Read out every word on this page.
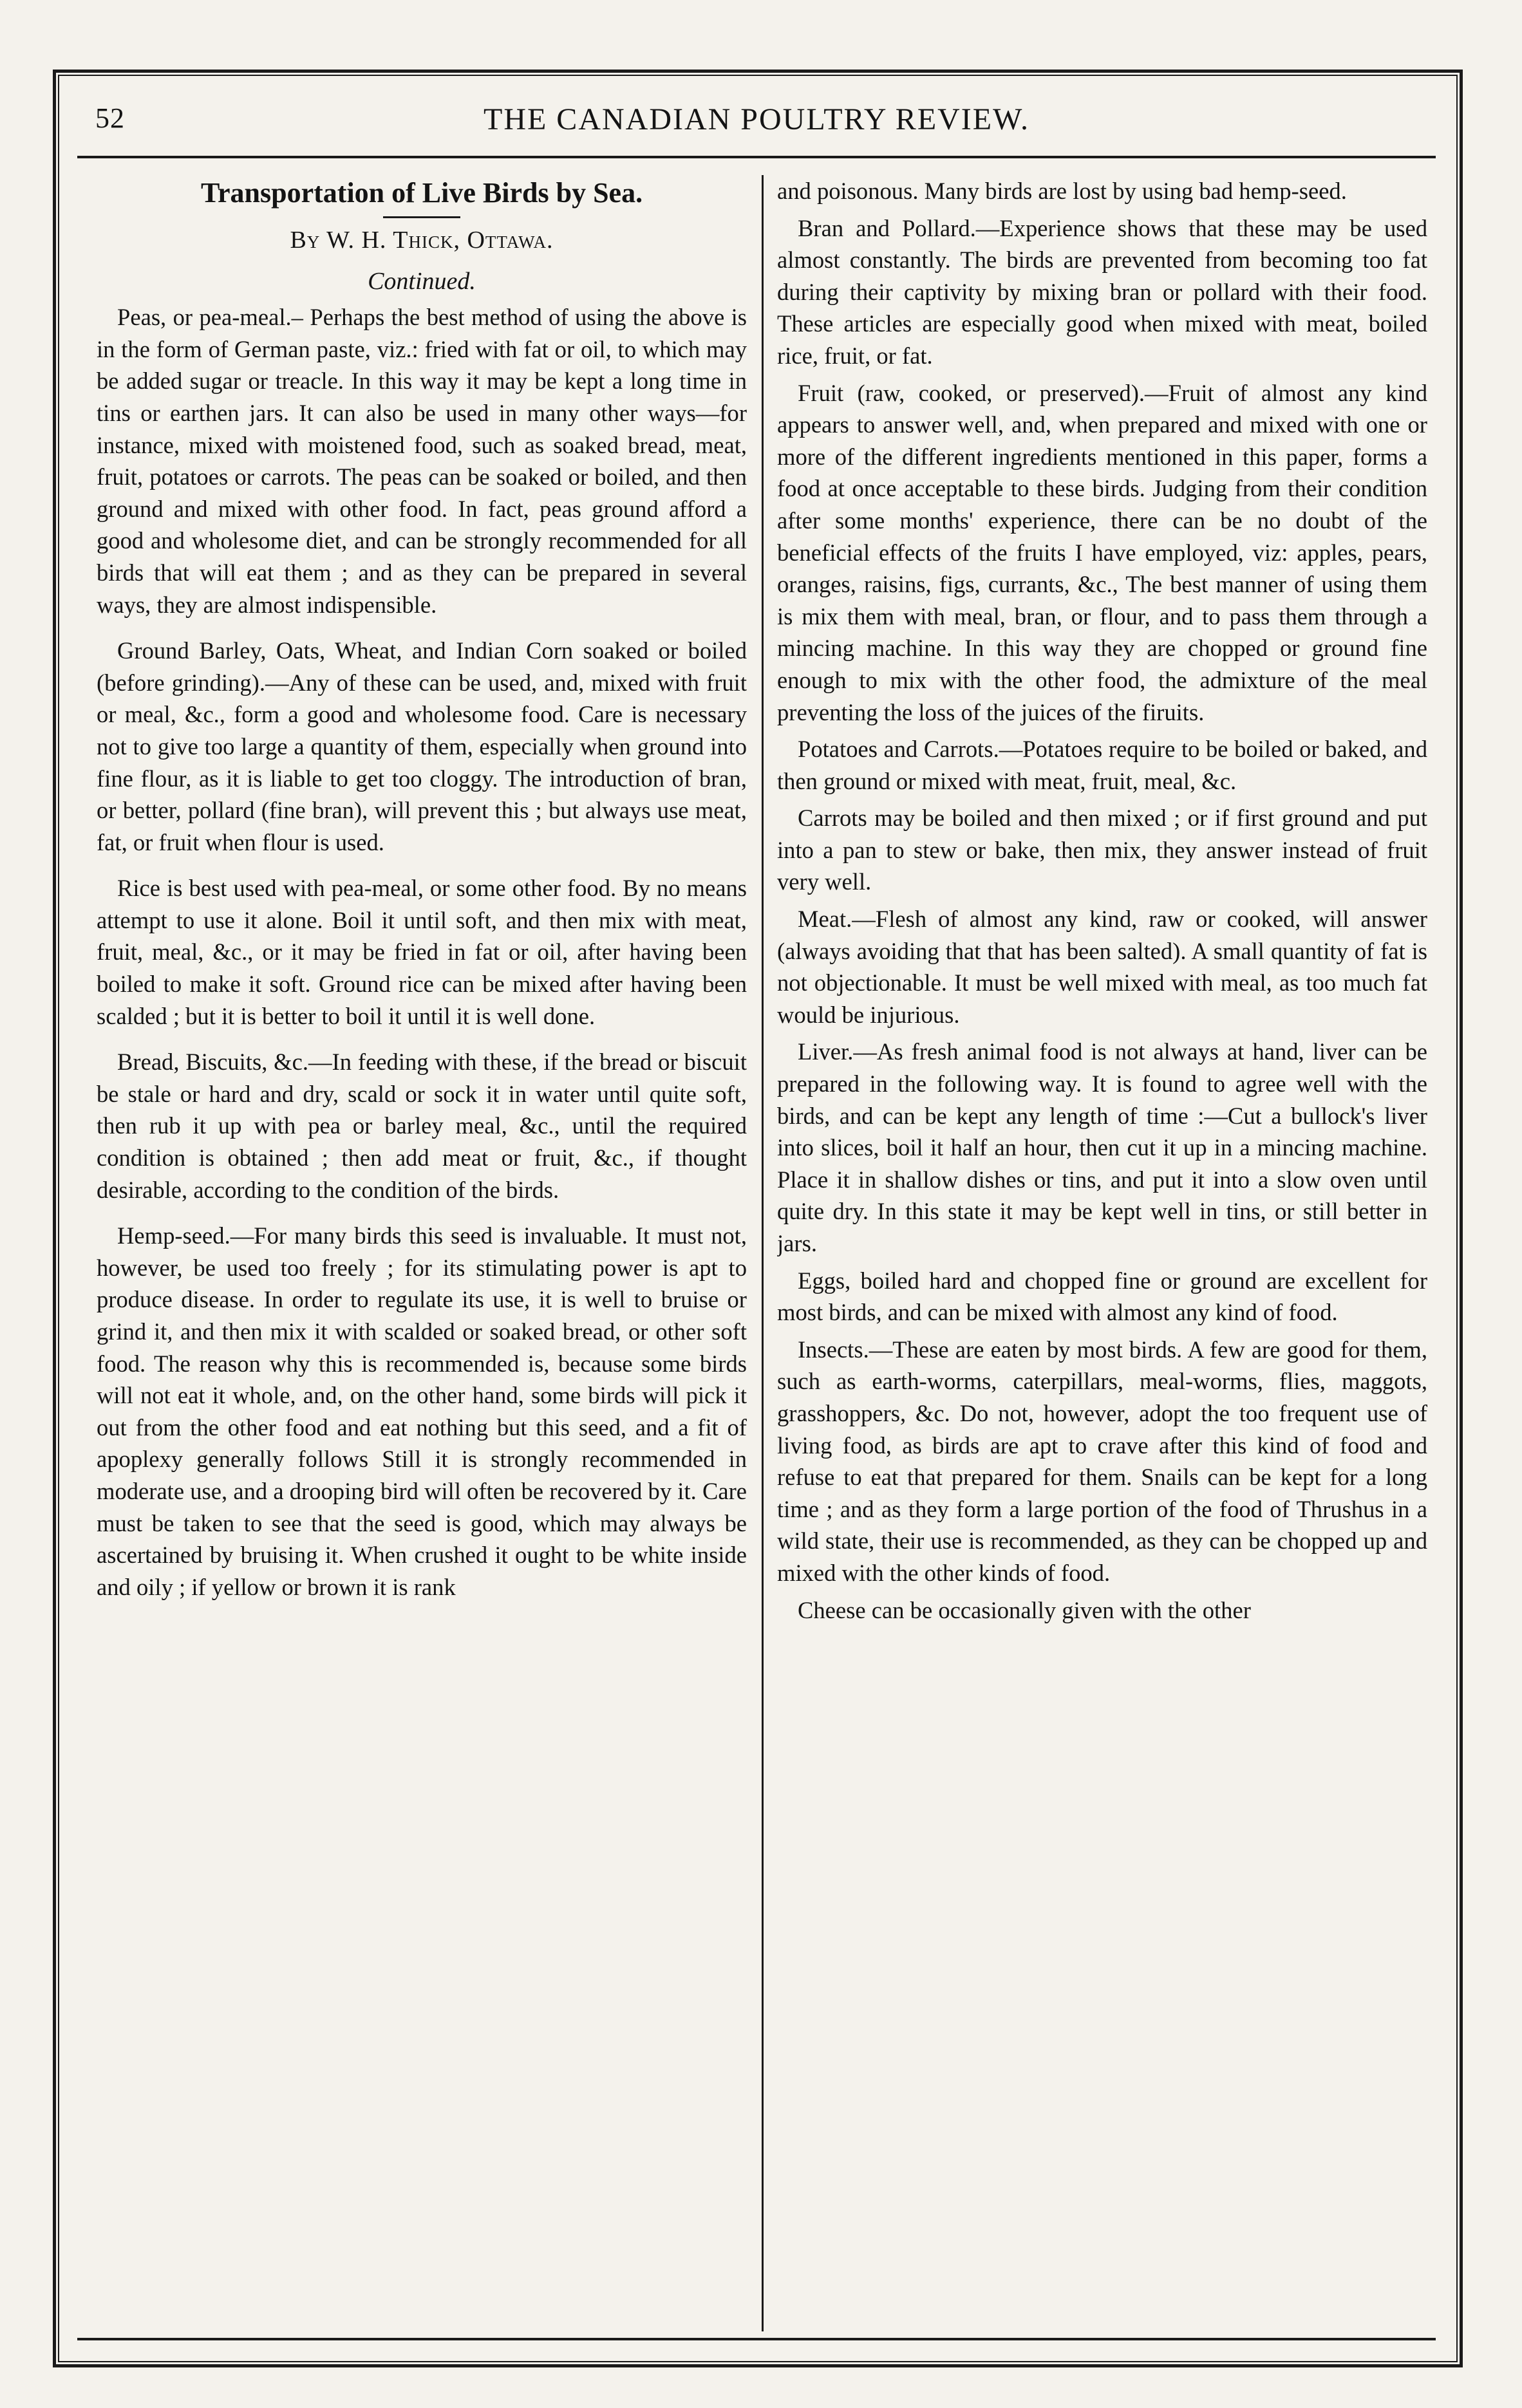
52	THE CANADIAN POULTRY REVIEW.
Transportation of Live Birds by Sea.
By W. H. Thick, Ottawa.
Continued.

Peas, or pea-meal.– Perhaps the best method of using the above is in the form of German paste, viz.: fried with fat or oil, to which may be added sugar or treacle. In this way it may be kept a long time in tins or earthen jars. It can also be used in many other ways—for instance, mixed with moistened food, such as soaked bread, meat, fruit, potatoes or carrots. The peas can be soaked or boiled, and then ground and mixed with other food. In fact, peas ground afford a good and wholesome diet, and can be strongly recommended for all birds that will eat them ; and as they can be prepared in several ways, they are almost indispensible.

Ground Barley, Oats, Wheat, and Indian Corn soaked or boiled (before grinding).—Any of these can be used, and, mixed with fruit or meal, &c., form a good and wholesome food. Care is necessary not to give too large a quantity of them, especially when ground into fine flour, as it is liable to get too cloggy. The introduction of bran, or better, pollard (fine bran), will prevent this ; but always use meat, fat, or fruit when flour is used.

Rice is best used with pea-meal, or some other food. By no means attempt to use it alone. Boil it until soft, and then mix with meat, fruit, meal, &c., or it may be fried in fat or oil, after having been boiled to make it soft. Ground rice can be mixed after having been scalded ; but it is better to boil it until it is well done.

Bread, Biscuits, &c.—In feeding with these, if the bread or biscuit be stale or hard and dry, scald or sock it in water until quite soft, then rub it up with pea or barley meal, &c., until the required condition is obtained ; then add meat or fruit, &c., if thought desirable, according to the condition of the birds.

Hemp-seed.—For many birds this seed is invaluable. It must not, however, be used too freely ; for its stimulating power is apt to produce disease. In order to regulate its use, it is well to bruise or grind it, and then mix it with scalded or soaked bread, or other soft food. The reason why this is recommended is, because some birds will not eat it whole, and, on the other hand, some birds will pick it out from the other food and eat nothing but this seed, and a fit of apoplexy generally follows Still it is strongly recommended in moderate use, and a drooping bird will often be recovered by it. Care must be taken to see that the seed is good, which may always be ascertained by bruising it. When crushed it ought to be white inside and oily ; if yellow or brown it is rank

and poisonous. Many birds are lost by using bad hemp-seed.

Bran and Pollard.—Experience shows that these may be used almost constantly. The birds are prevented from becoming too fat during their captivity by mixing bran or pollard with their food. These articles are especially good when mixed with meat, boiled rice, fruit, or fat.

Fruit (raw, cooked, or preserved).—Fruit of almost any kind appears to answer well, and, when prepared and mixed with one or more of the different ingredients mentioned in this paper, forms a food at once acceptable to these birds. Judging from their condition after some months' experience, there can be no doubt of the beneficial effects of the fruits I have employed, viz: apples, pears, oranges, raisins, figs, currants, &c., The best manner of using them is mix them with meal, bran, or flour, and to pass them through a mincing machine. In this way they are chopped or ground fine enough to mix with the other food, the admixture of the meal preventing the loss of the juices of the firuits.

Potatoes and Carrots.—Potatoes require to be boiled or baked, and then ground or mixed with meat, fruit, meal, &c.

Carrots may be boiled and then mixed ; or if first ground and put into a pan to stew or bake, then mix, they answer instead of fruit very well.

Meat.—Flesh of almost any kind, raw or cooked, will answer (always avoiding that that has been salted). A small quantity of fat is not objectionable. It must be well mixed with meal, as too much fat would be injurious.

Liver.—As fresh animal food is not always at hand, liver can be prepared in the following way. It is found to agree well with the birds, and can be kept any length of time :—Cut a bullock's liver into slices, boil it half an hour, then cut it up in a mincing machine. Place it in shallow dishes or tins, and put it into a slow oven until quite dry. In this state it may be kept well in tins, or still better in jars.

Eggs, boiled hard and chopped fine or ground are excellent for most birds, and can be mixed with almost any kind of food.

Insects.—These are eaten by most birds. A few are good for them, such as earth-worms, caterpillars, meal-worms, flies, maggots, grasshoppers, &c. Do not, however, adopt the too frequent use of living food, as birds are apt to crave after this kind of food and refuse to eat that prepared for them. Snails can be kept for a long time ; and as they form a large portion of the food of Thrushus in a wild state, their use is recommended, as they can be chopped up and mixed with the other kinds of food.

Cheese can be occasionally given with the other
